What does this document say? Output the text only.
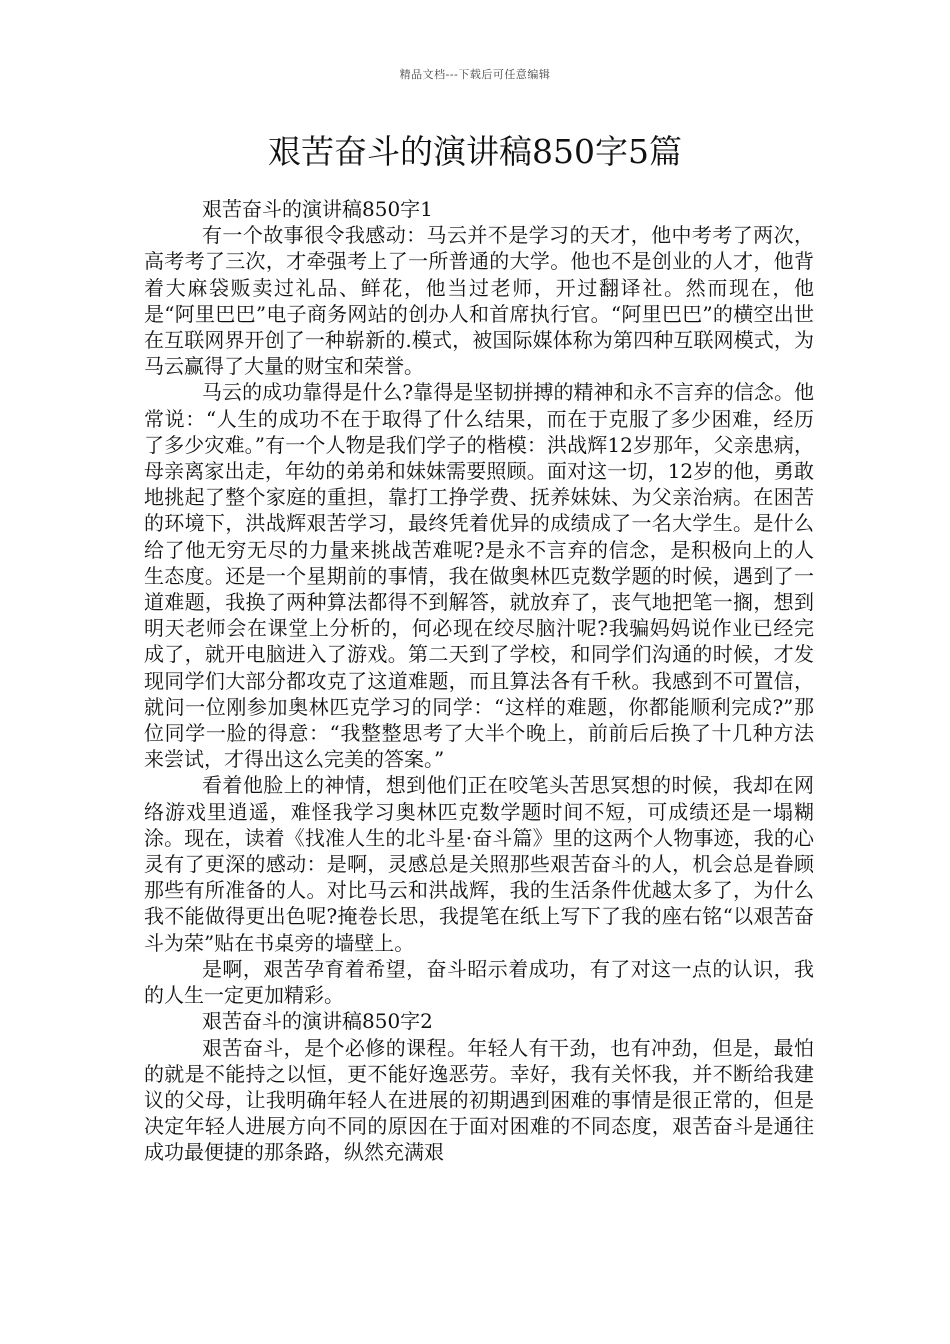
精品文档---下载后可任意编辑
艰苦奋斗的演讲稿850字5篇

艰苦奋斗的演讲稿850字1

有一个故事很令我感动：马云并不是学习的天才，他中考考了两次，高考考了三次，才牵强考上了一所普通的大学。他也不是创业的人才，他背着大麻袋贩卖过礼品、鲜花，他当过老师，开过翻译社。然而现在，他是“阿里巴巴”电子商务网站的创办人和首席执行官。“阿里巴巴”的横空出世在互联网界开创了一种崭新的.模式，被国际媒体称为第四种互联网模式，为马云赢得了大量的财宝和荣誉。

马云的成功靠得是什么?靠得是坚韧拼搏的精神和永不言弃的信念。他常说：“人生的成功不在于取得了什么结果，而在于克服了多少困难，经历了多少灾难。”有一个人物是我们学子的楷模：洪战辉12岁那年，父亲患病，母亲离家出走，年幼的弟弟和妹妹需要照顾。面对这一切，12岁的他，勇敢地挑起了整个家庭的重担，靠打工挣学费、抚养妹妹、为父亲治病。在困苦的环境下，洪战辉艰苦学习，最终凭着优异的成绩成了一名大学生。是什么给了他无穷无尽的力量来挑战苦难呢?是永不言弃的信念，是积极向上的人生态度。还是一个星期前的事情，我在做奥林匹克数学题的时候，遇到了一道难题，我换了两种算法都得不到解答，就放弃了，丧气地把笔一搁，想到明天老师会在课堂上分析的，何必现在绞尽脑汁呢?我骗妈妈说作业已经完成了，就开电脑进入了游戏。第二天到了学校，和同学们沟通的时候，才发现同学们大部分都攻克了这道难题，而且算法各有千秋。我感到不可置信，就问一位刚参加奥林匹克学习的同学：“这样的难题，你都能顺利完成?”那位同学一脸的得意：“我整整思考了大半个晚上，前前后后换了十几种方法来尝试，才得出这么完美的答案。”

看着他脸上的神情，想到他们正在咬笔头苦思冥想的时候，我却在网络游戏里逍遥，难怪我学习奥林匹克数学题时间不短，可成绩还是一塌糊涂。现在，读着《找准人生的北斗星·奋斗篇》里的这两个人物事迹，我的心灵有了更深的感动：是啊，灵感总是关照那些艰苦奋斗的人，机会总是眷顾那些有所准备的人。对比马云和洪战辉，我的生活条件优越太多了，为什么我不能做得更出色呢?掩卷长思，我提笔在纸上写下了我的座右铭“以艰苦奋斗为荣”贴在书桌旁的墙壁上。

是啊，艰苦孕育着希望，奋斗昭示着成功，有了对这一点的认识，我的人生一定更加精彩。

艰苦奋斗的演讲稿850字2

艰苦奋斗，是个必修的课程。年轻人有干劲，也有冲劲，但是，最怕的就是不能持之以恒，更不能好逸恶劳。幸好，我有关怀我，并不断给我建议的父母，让我明确年轻人在进展的初期遇到困难的事情是很正常的，但是决定年轻人进展方向不同的原因在于面对困难的不同态度，艰苦奋斗是通往成功最便捷的那条路，纵然充满艰
